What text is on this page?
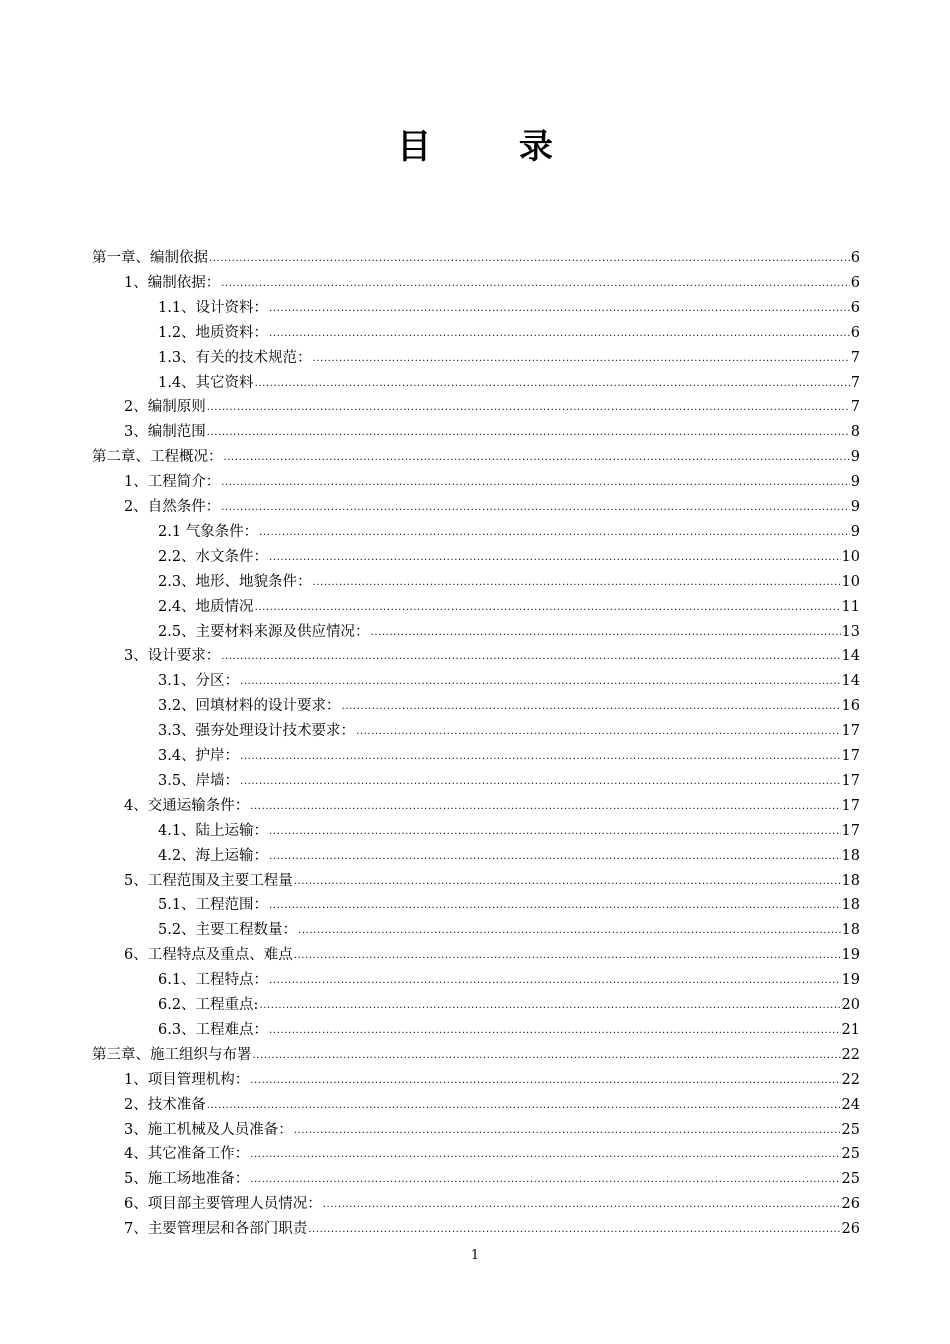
目 录
第一章、编制依据 .....	6
1、编制依据： .....	6
1.1、设计资料： .....	6
1.2、地质资料： .....	6
1.3、有关的技术规范： .....	7
1.4、其它资料 .....	7
2、编制原则 .....	7
3、编制范围 .....	8
第二章、工程概况： .....	9
1、工程简介： .....	9
2、自然条件： .....	9
2.1 气象条件： .....	9
2.2、水文条件： .....	10
2.3、地形、地貌条件： .....	10
2.4、地质情况 .....	11
2.5、主要材料来源及供应情况： .....	13
3、设计要求： .....	14
3.1、分区： .....	14
3.2、回填材料的设计要求： .....	16
3.3、强夯处理设计技术要求： .....	17
3.4、护岸： .....	17
3.5、岸墙： .....	17
4、交通运输条件： .....	17
4.1、陆上运输： .....	17
4.2、海上运输： .....	18
5、工程范围及主要工程量 .....	18
5.1、工程范围： .....	18
5.2、主要工程数量： .....	18
6、工程特点及重点、难点 .....	19
6.1、工程特点： .....	19
6.2、工程重点: .....	20
6.3、工程难点： .....	21
第三章、施工组织与布署 .....	22
1、项目管理机构： .....	22
2、技术准备 .....	24
3、施工机械及人员准备： .....	25
4、其它准备工作： .....	25
5、施工场地准备： .....	25
6、项目部主要管理人员情况： .....	26
7、主要管理层和各部门职责 .....	26
1
